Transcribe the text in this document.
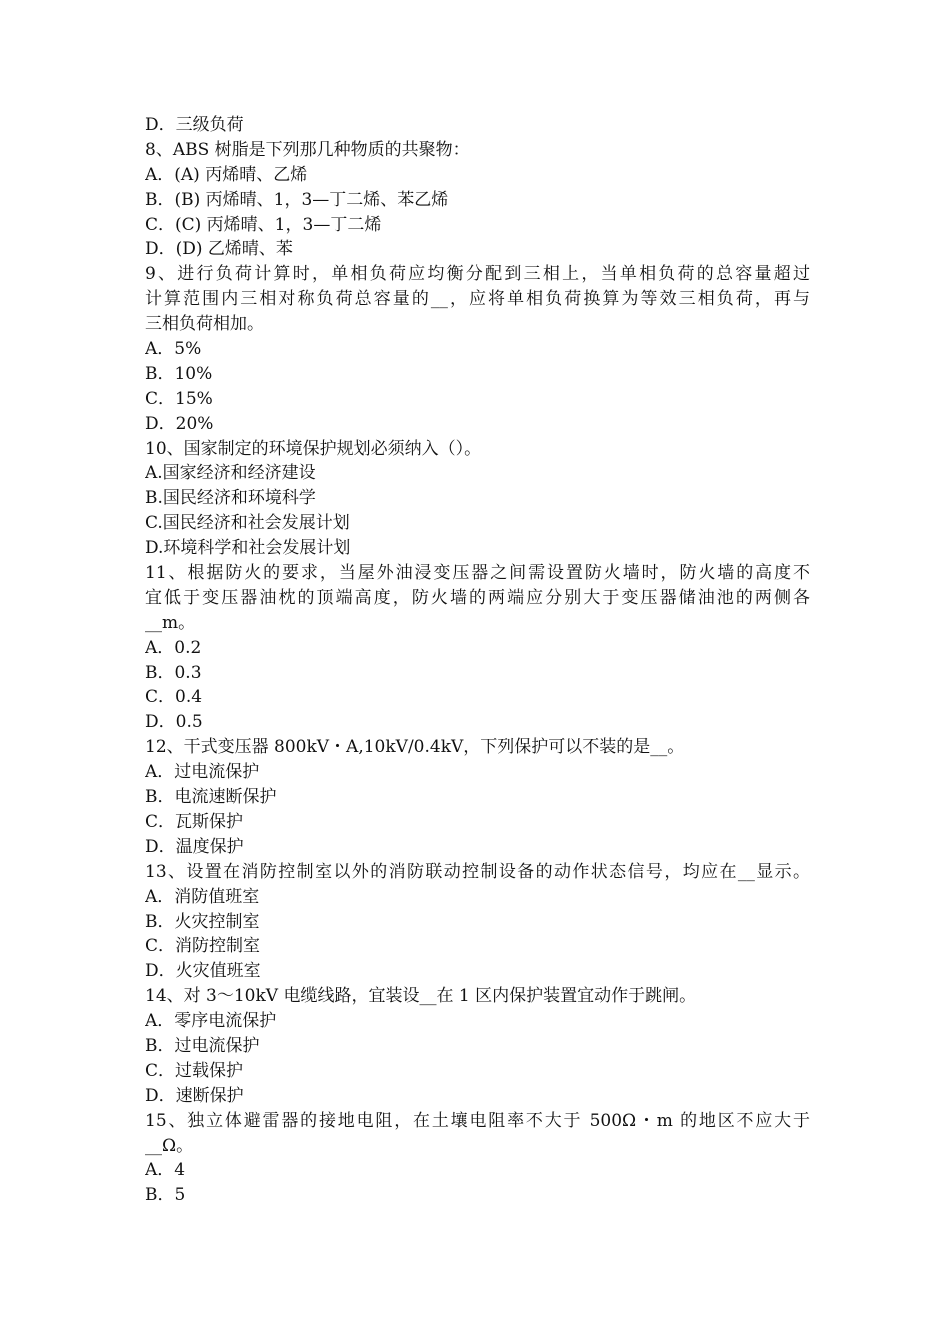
D．三级负荷
8、ABS 树脂是下列那几种物质的共聚物：
A．(A) 丙烯晴、乙烯
B．(B) 丙烯晴、1，3—丁二烯、苯乙烯
C．(C) 丙烯晴、1，3—丁二烯
D．(D) 乙烯晴、苯
9、进行负荷计算时，单相负荷应均衡分配到三相上，当单相负荷的总容量超过
计算范围内三相对称负荷总容量的__，应将单相负荷换算为等效三相负荷，再与
三相负荷相加。
A．5%
B．10%
C．15%
D．20%
10、国家制定的环境保护规划必须纳入（）。
A.国家经济和经济建设
B.国民经济和环境科学
C.国民经济和社会发展计划
D.环境科学和社会发展计划
11、根据防火的要求，当屋外油浸变压器之间需设置防火墙时，防火墙的高度不
宜低于变压器油枕的顶端高度，防火墙的两端应分别大于变压器储油池的两侧各
__m。
A．0.2
B．0.3
C．0.4
D．0.5
12、干式变压器 800kV・A,10kV/0.4kV，下列保护可以不装的是__。
A．过电流保护
B．电流速断保护
C．瓦斯保护
D．温度保护
13、设置在消防控制室以外的消防联动控制设备的动作状态信号，均应在__显示。
A．消防值班室
B．火灾控制室
C．消防控制室
D．火灾值班室
14、对 3～10kV 电缆线路，宜装设__在 1 区内保护装置宜动作于跳闸。
A．零序电流保护
B．过电流保护
C．过载保护
D．速断保护
15、独立体避雷器的接地电阻，在土壤电阻率不大于 500Ω・m 的地区不应大于
__Ω。
A．4
B．5
